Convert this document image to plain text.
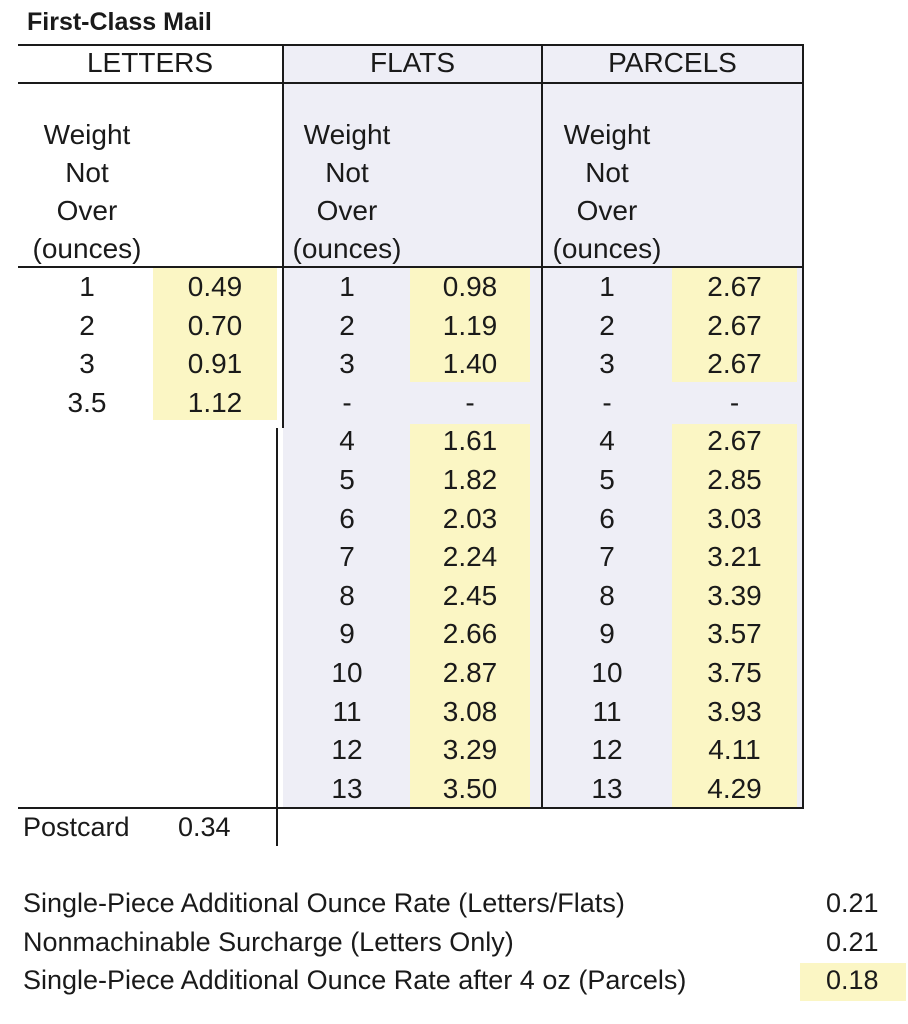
First-Class Mail
LETTERS	FLATS	PARCELS
Weight
Not
Over
(ounces)
Weight
Not
Over
(ounces)
Weight
Not
Over
(ounces)
1	0.49
2	0.70
3	0.91
3.5	1.12
1	0.98
2	1.19
3	1.40
-	-
4	1.61
5	1.82
6	2.03
7	2.24
8	2.45
9	2.66
10	2.87
11	3.08
12	3.29
13	3.50
1	2.67
2	2.67
3	2.67
-	-
4	2.67
5	2.85
6	3.03
7	3.21
8	3.39
9	3.57
10	3.75
11	3.93
12	4.11
13	4.29
Postcard 0.34
Single-Piece Additional Ounce Rate (Letters/Flats)	0.21
Nonmachinable Surcharge (Letters Only)	0.21
Single-Piece Additional Ounce Rate after 4 oz (Parcels)	0.18
